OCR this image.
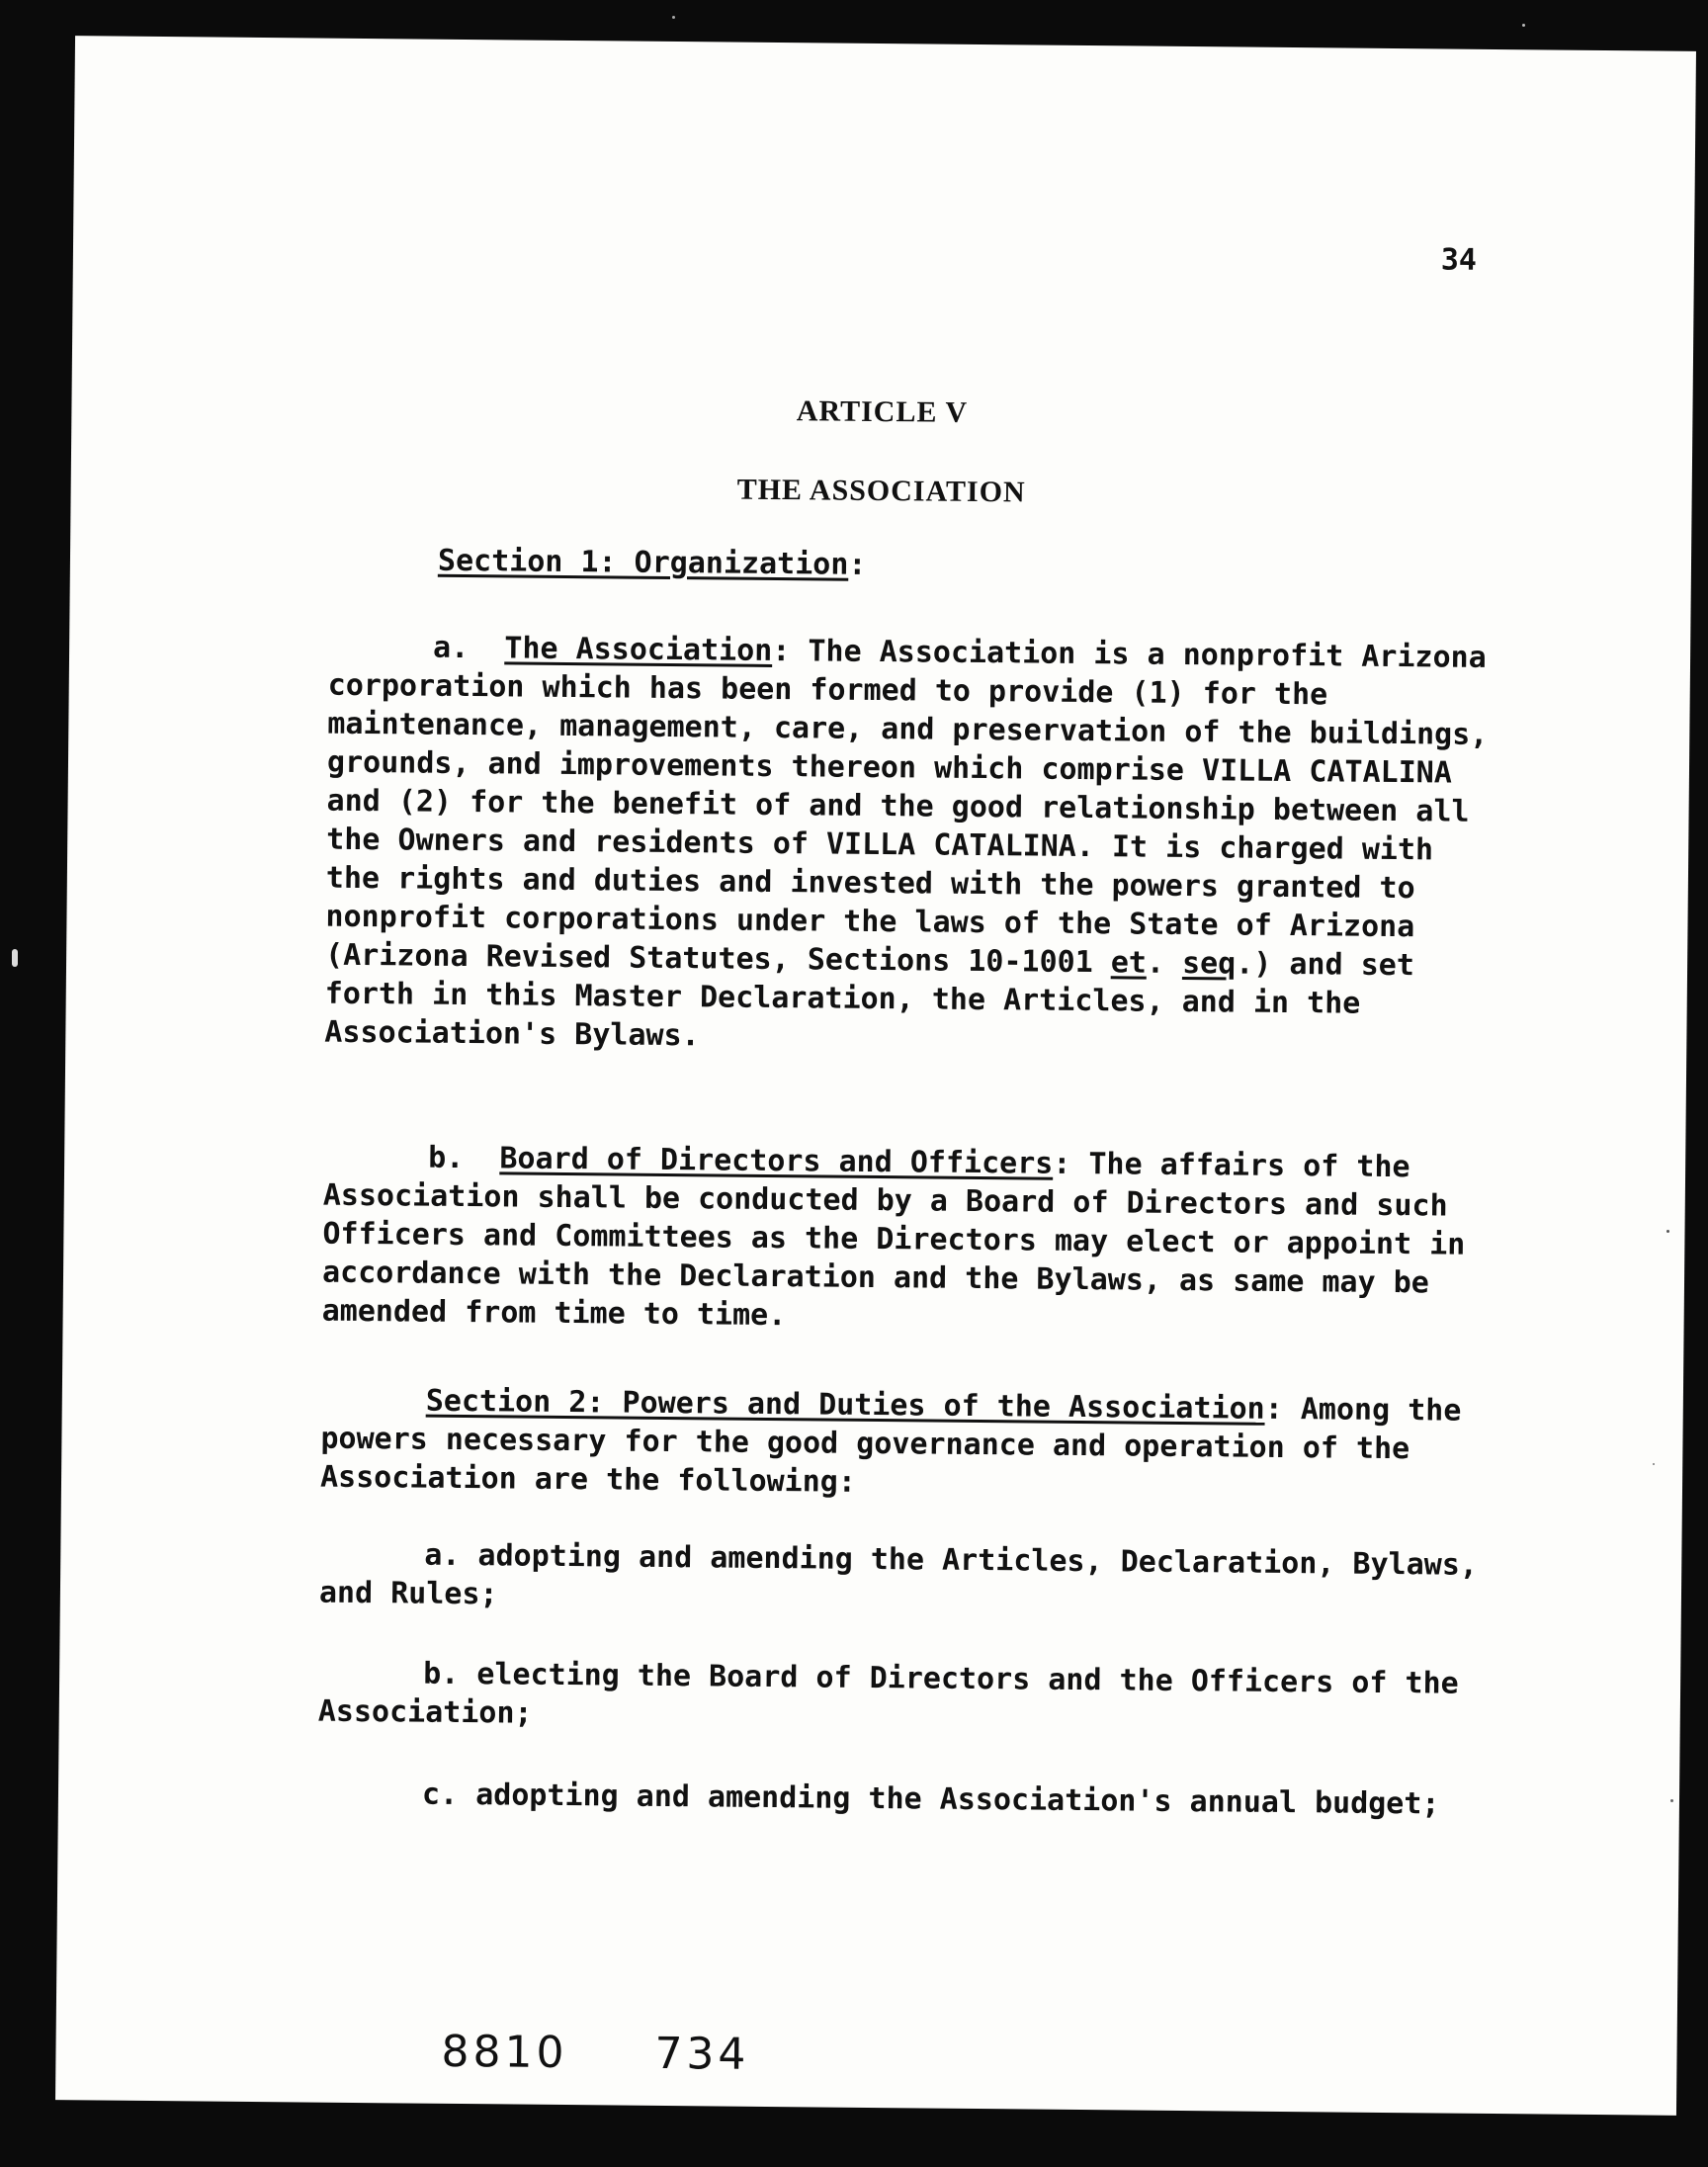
34
ARTICLE V
THE ASSOCIATION
Section 1: Organization:

a. The Association: The Association is a nonprofit Arizona corporation which has been formed to provide (1) for the maintenance, management, care, and preservation of the buildings, grounds, and improvements thereon which comprise VILLA CATALINA and (2) for the benefit of and the good relationship between all the Owners and residents of VILLA CATALINA. It is charged with the rights and duties and invested with the powers granted to nonprofit corporations under the laws of the State of Arizona (Arizona Revised Statutes, Sections 10-1001 et. seq.) and set forth in this Master Declaration, the Articles, and in the Association's Bylaws.

b. Board of Directors and Officers: The affairs of the Association shall be conducted by a Board of Directors and such Officers and Committees as the Directors may elect or appoint in accordance with the Declaration and the Bylaws, as same may be amended from time to time.

Section 2: Powers and Duties of the Association: Among the powers necessary for the good governance and operation of the Association are the following:

a. adopting and amending the Articles, Declaration, Bylaws, and Rules;

b. electing the Board of Directors and the Officers of the Association;

c. adopting and amending the Association's annual budget;

8810 734
